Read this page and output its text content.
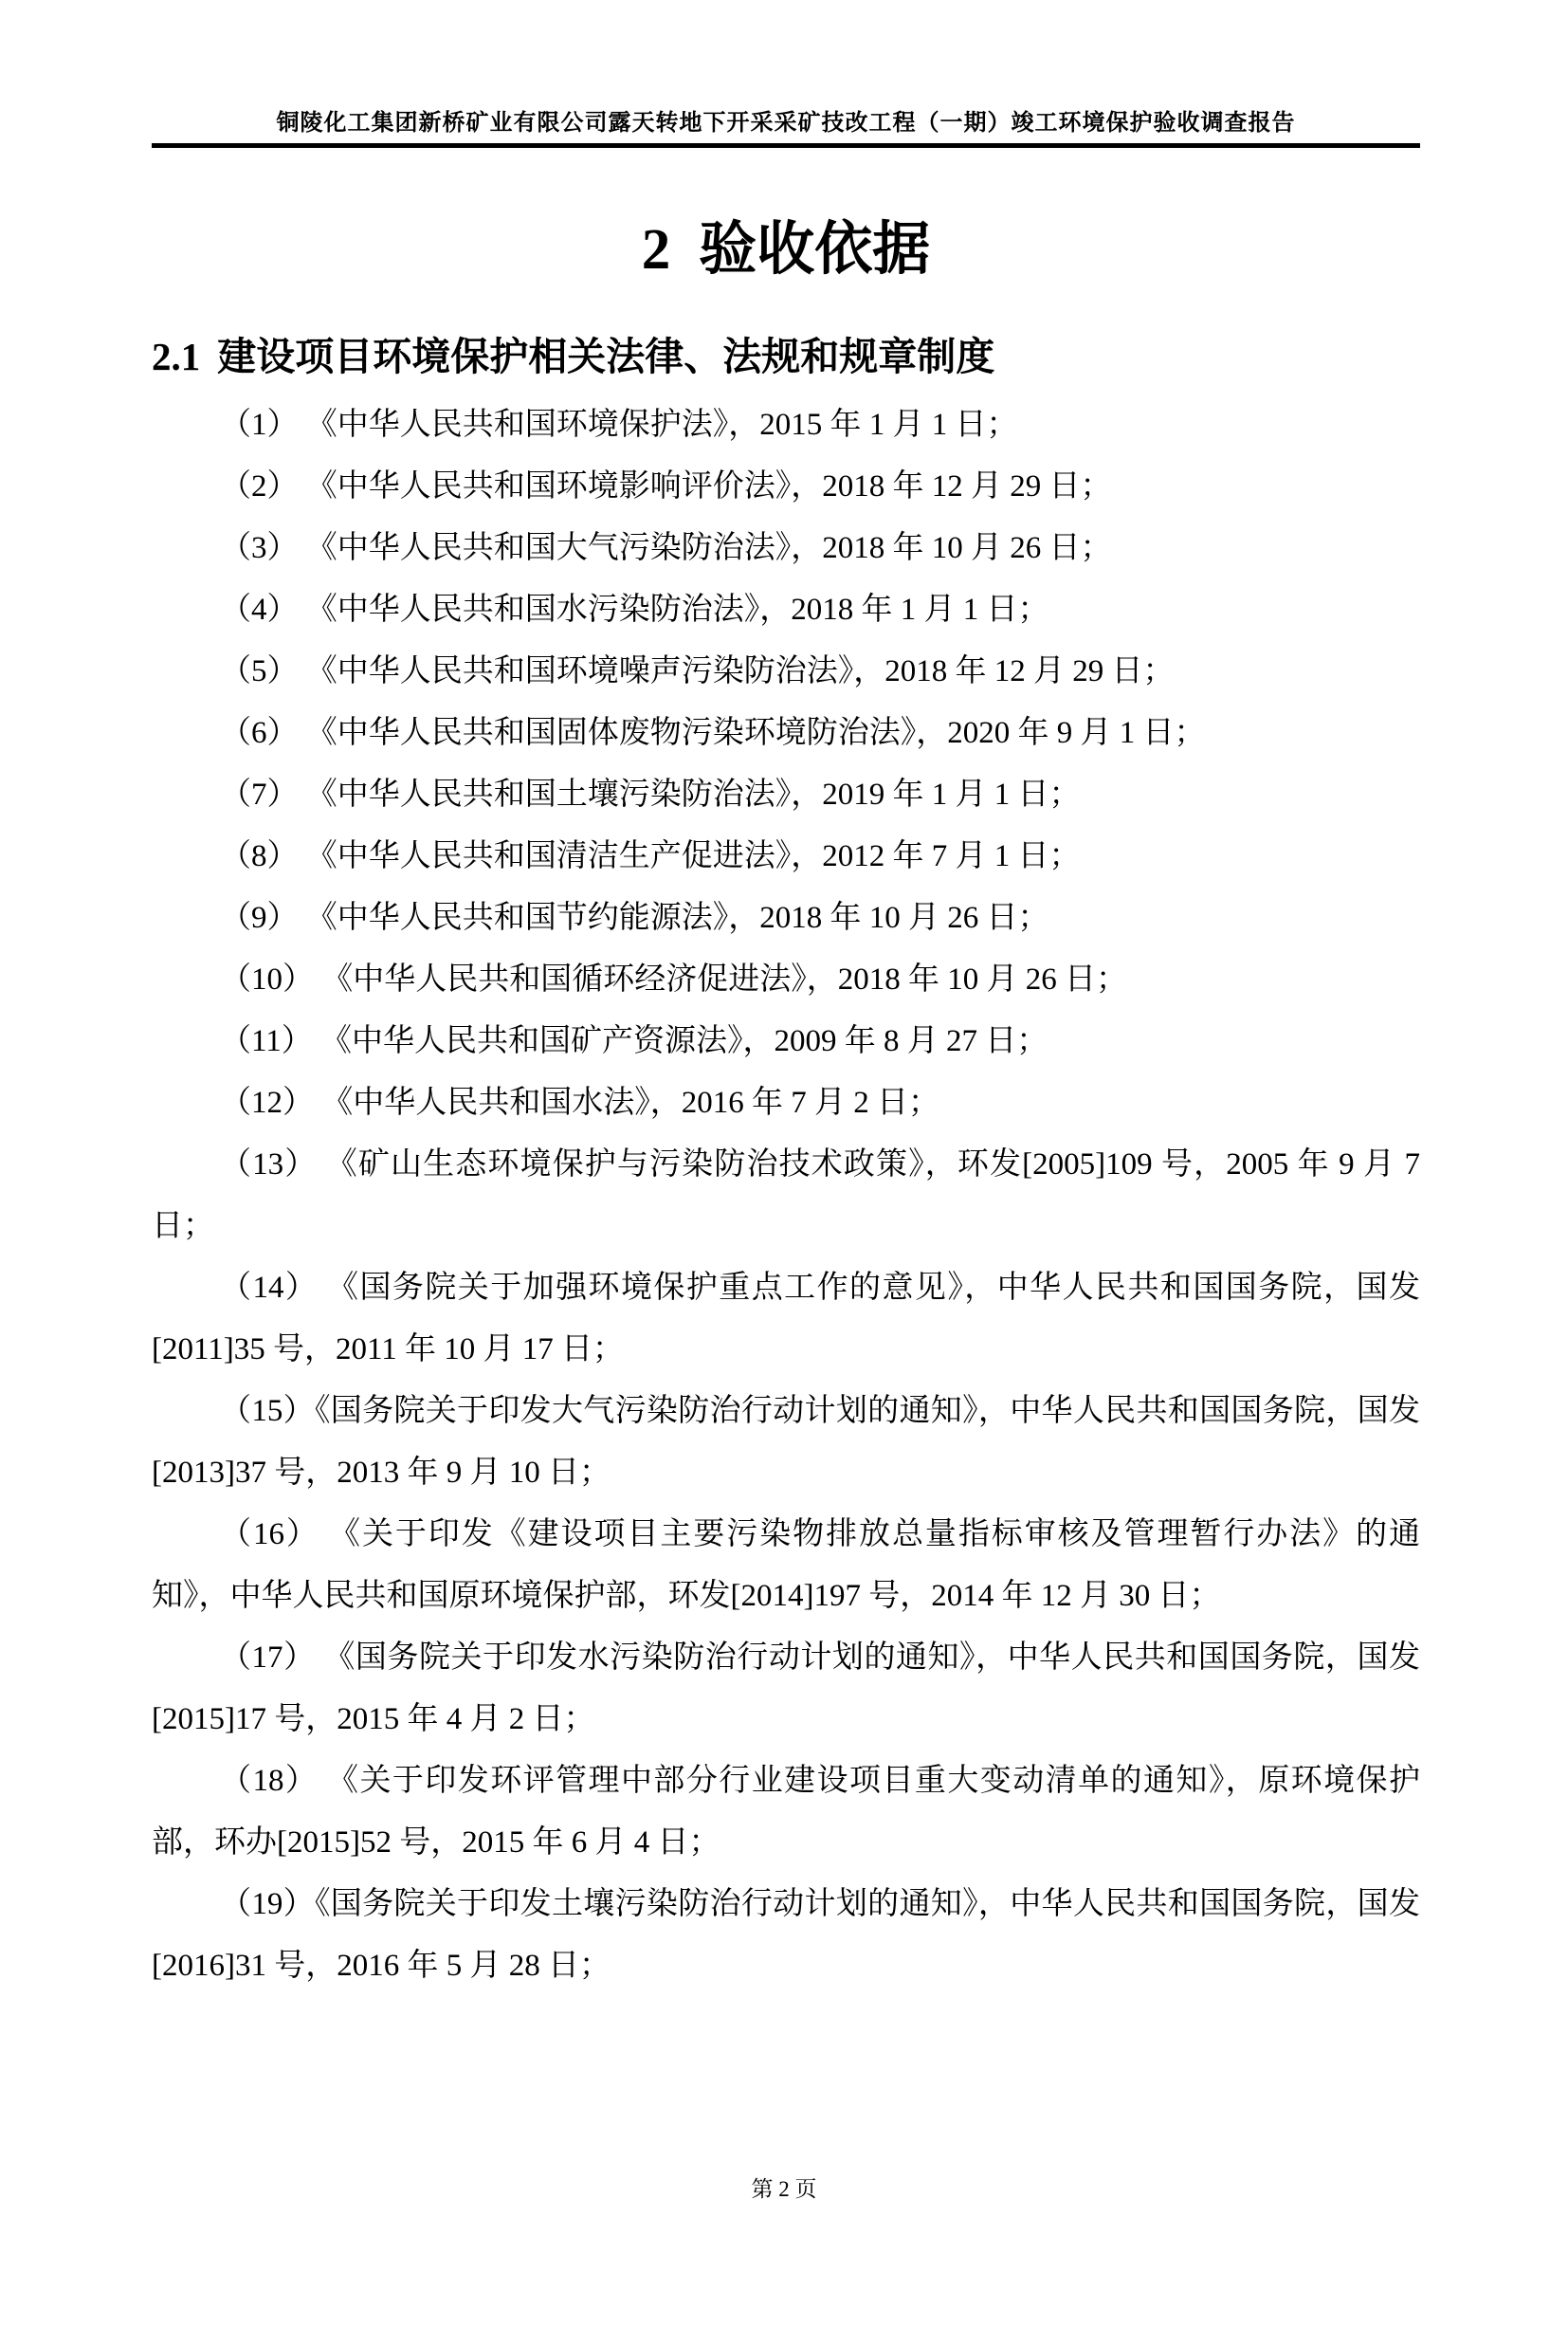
铜陵化工集团新桥矿业有限公司露天转地下开采采矿技改工程（一期）竣工环境保护验收调查报告
2 验收依据
2.1 建设项目环境保护相关法律、法规和规章制度

（1） 《中华人民共和国环境保护法》，2015 年 1 月 1 日；

（2） 《中华人民共和国环境影响评价法》，2018 年 12 月 29 日；

（3） 《中华人民共和国大气污染防治法》，2018 年 10 月 26 日；

（4） 《中华人民共和国水污染防治法》，2018 年 1 月 1 日；

（5） 《中华人民共和国环境噪声污染防治法》，2018 年 12 月 29 日；

（6） 《中华人民共和国固体废物污染环境防治法》，2020 年 9 月 1 日；

（7） 《中华人民共和国土壤污染防治法》，2019 年 1 月 1 日；

（8） 《中华人民共和国清洁生产促进法》，2012 年 7 月 1 日；

（9） 《中华人民共和国节约能源法》，2018 年 10 月 26 日；

（10） 《中华人民共和国循环经济促进法》，2018 年 10 月 26 日；

（11） 《中华人民共和国矿产资源法》，2009 年 8 月 27 日；

（12） 《中华人民共和国水法》，2016 年 7 月 2 日；

（13） 《矿山生态环境保护与污染防治技术政策》，环发[2005]109 号，2005 年 9 月 7 日；

（14） 《国务院关于加强环境保护重点工作的意见》，中华人民共和国国务院，国发[2011]35 号，2011 年 10 月 17 日；

（15）《国务院关于印发大气污染防治行动计划的通知》，中华人民共和国国务院，国发[2013]37 号，2013 年 9 月 10 日；

（16） 《关于印发《建设项目主要污染物排放总量指标审核及管理暂行办法》的通知》，中华人民共和国原环境保护部，环发[2014]197 号，2014 年 12 月 30 日；

（17） 《国务院关于印发水污染防治行动计划的通知》，中华人民共和国国务院，国发[2015]17 号，2015 年 4 月 2 日；

（18） 《关于印发环评管理中部分行业建设项目重大变动清单的通知》，原环境保护部，环办[2015]52 号，2015 年 6 月 4 日；

（19）《国务院关于印发土壤污染防治行动计划的通知》，中华人民共和国国务院，国发[2016]31 号，2016 年 5 月 28 日；

第 2 页
